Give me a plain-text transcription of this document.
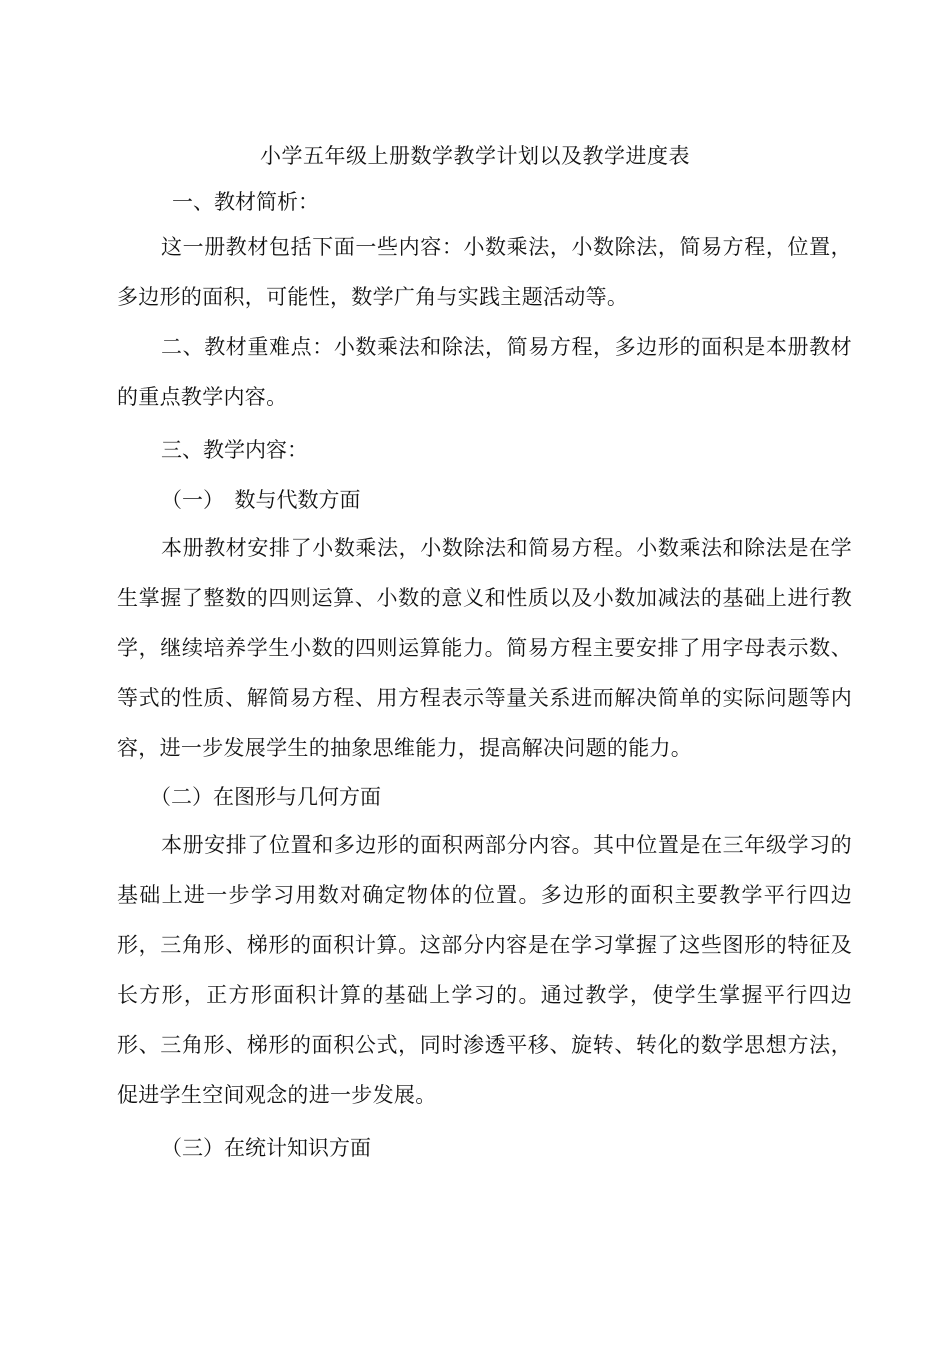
小学五年级上册数学教学计划以及教学进度表
一、教材简析：
这一册教材包括下面一些内容：小数乘法，小数除法，简易方程，位置，多边形的面积，可能性，数学广角与实践主题活动等。
二、教材重难点：小数乘法和除法，简易方程，多边形的面积是本册教材的重点教学内容。
三、教学内容：
（一）　数与代数方面
本册教材安排了小数乘法，小数除法和简易方程。小数乘法和除法是在学生掌握了整数的四则运算、小数的意义和性质以及小数加减法的基础上进行教学，继续培养学生小数的四则运算能力。简易方程主要安排了用字母表示数、等式的性质、解简易方程、用方程表示等量关系进而解决简单的实际问题等内容，进一步发展学生的抽象思维能力，提高解决问题的能力。
（二）在图形与几何方面
本册安排了位置和多边形的面积两部分内容。其中位置是在三年级学习的基础上进一步学习用数对确定物体的位置。多边形的面积主要教学平行四边形，三角形、梯形的面积计算。这部分内容是在学习掌握了这些图形的特征及长方形，正方形面积计算的基础上学习的。通过教学，使学生掌握平行四边形、三角形、梯形的面积公式，同时渗透平移、旋转、转化的数学思想方法，促进学生空间观念的进一步发展。
（三）在统计知识方面
